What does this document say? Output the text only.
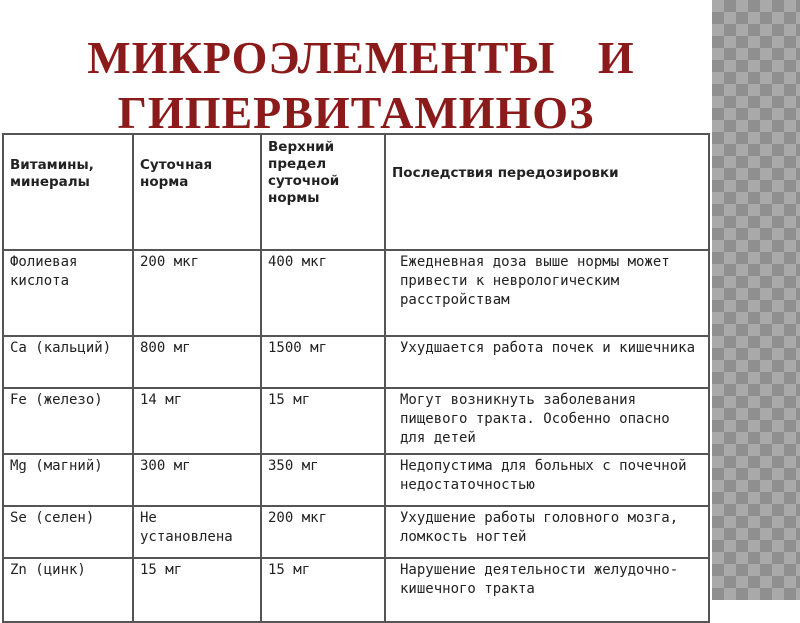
МИКРОЭЛЕМЕНТЫ И
ГИПЕРВИТАМИНОЗ
Витамины, минералы	Суточная норма	Верхний предел суточной нормы	Последствия передозировки
Фолиевая кислота	200 мкг	400 мкг	Ежедневная доза выше нормы может привести к неврологическим расстройствам
Ca (кальций)	800 мг	1500 мг	Ухудшается работа почек и кишечника
Fe (железо)	14 мг	15 мг	Могут возникнуть заболевания пищевого тракта. Особенно опасно для детей
Mg (магний)	300 мг	350 мг	Недопустима для больных с почечной недостаточностью
Se (селен)	Не установлена	200 мкг	Ухудшение работы головного мозга, ломкость ногтей
Zn (цинк)	15 мг	15 мг	Нарушение деятельности желудочно-кишечного тракта
